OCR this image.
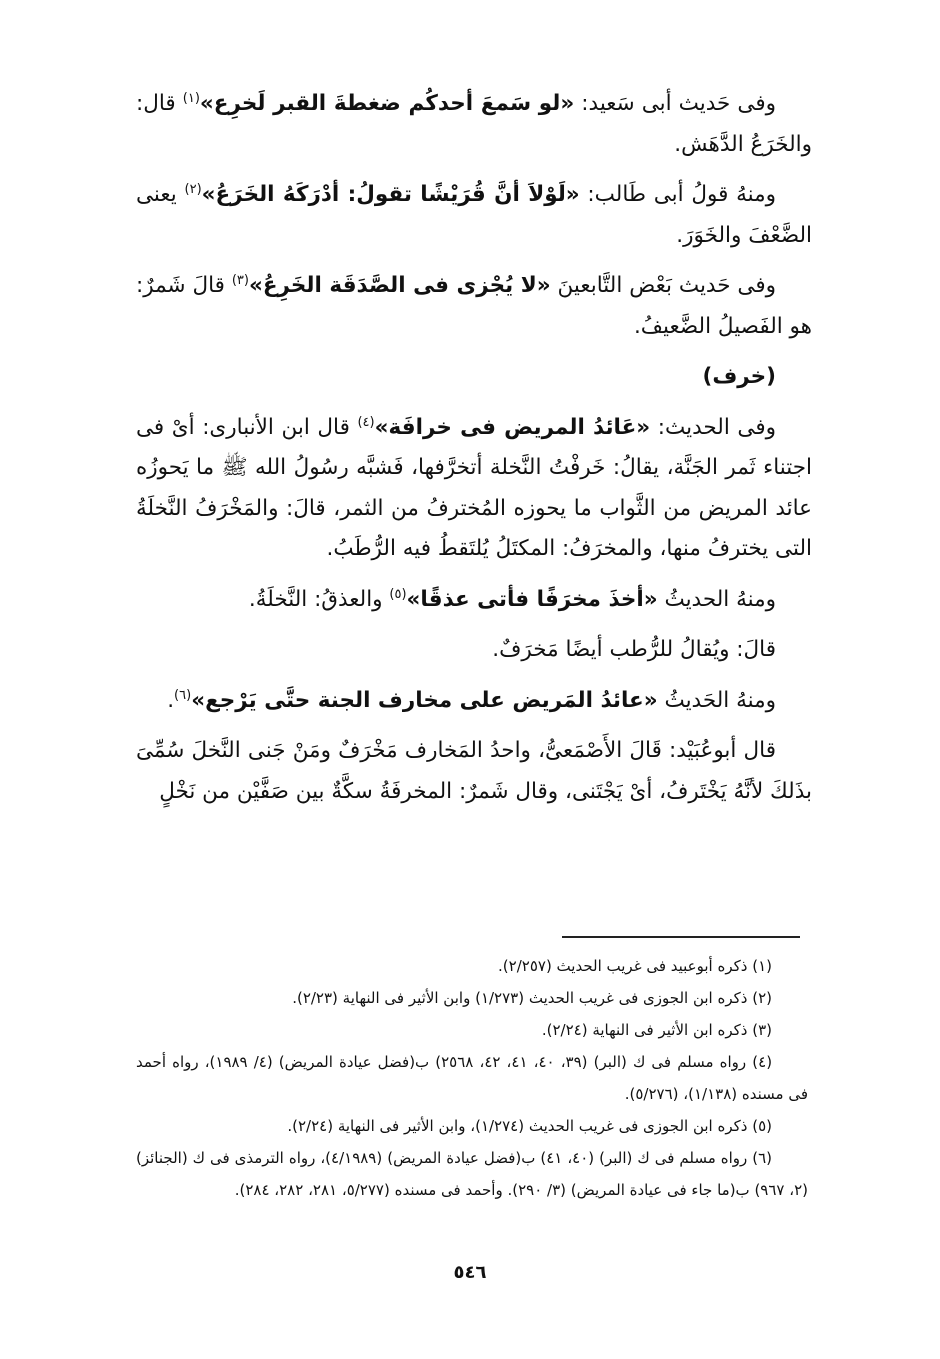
وفى حَديث أبى سَعيد: «لو سَمعَ أحدكُم ضغطةَ القبر لَخرِع»$^{(١)}$ قال: والخَرَعُ الدَّهَش.

ومنهُ قولُ أبى طَالب: «لَوْلاَ أنَّ قُرَيْشًا تقولُ: أدْرَكَهُ الخَرَعُ»$^{(٢)}$ يعنى الضَّعْفَ والخَوَرَ.

وفى حَديث بَعْض التَّابعينَ «لا يُجْزى فى الصَّدَقَة الخَرِعُ»$^{(٣)}$ قالَ شَمرٌ: هو الفَصيلُ الضَّعيفُ.

(خرف)

وفى الحديث: «عَائدُ المريض فى خرافَة»$^{(٤)}$ قال ابن الأنبارى: أىْ فى اجتناء ثَمر الجَنَّة، يقالُ: خَرفْتُ النَّخلة أتخرَّفها، فَشبَّه رسُولُ الله ﷺ ما يَحوزُه عائد المريض من الثَّواب ما يحوزه المُخترفُ من الثمر، قالَ: والمَخْرَفُ النَّخلَةُ التى يخترفُ منها، والمخرَفُ: المكتَلُ يُلتَقطُ فيه الرُّطَبُ.

ومنهُ الحديثُ «أخذَ مخرَفًا فأتى عذقًا»$^{(٥)}$ والعذقُ: النَّخلَةُ.

قالَ: ويُقالُ للرُّطب أيضًا مَخرَفٌ.

ومنهُ الحَديثُ «عائدُ المَريض على مخارف الجنة حتَّى يَرْجع»$^{(٦)}$.

قال أبوعُبَيْد: قَالَ الأَصْمَعىُّ، واحدُ المَخارف مَخْرَفٌ ومَنْ جَنى النَّخلَ سُمِّىَ بذَلكَ لأنَّهُ يَخْتَرفُ، أىْ يَجْتَنى، وقال شَمرٌ: المخرفَةُ سكَّةٌ بين صَفَّيْن من نَخْلٍ

(١) ذكره أبوعبيد فى غريب الحديث (٢/٢٥٧).

(٢) ذكره ابن الجوزى فى غريب الحديث (١/٢٧٣) وابن الأثير فى النهاية (٢/٢٣).

(٣) ذكره ابن الأثير فى النهاية (٢/٢٤).

(٤) رواه مسلم فى ك (البر) (٣٩، ٤٠، ٤١، ٤٢، ٢٥٦٨) ب(فضل عيادة المريض) (٤/ ١٩٨٩)، رواه أحمد فى مسنده (١/١٣٨)، (٥/٢٧٦).

(٥) ذكره ابن الجوزى فى غريب الحديث (١/٢٧٤)، وابن الأثير فى النهاية (٢/٢٤).

(٦) رواه مسلم فى ك (البر) (٤٠، ٤١) ب(فضل عيادة المريض) (٤/١٩٨٩)، رواه الترمذى فى ك (الجنائز) (٢، ٩٦٧) ب(ما جاء فى عيادة المريض) (٣/ ٢٩٠). وأحمد فى مسنده (٥/٢٧٧، ٢٨١، ٢٨٢، ٢٨٤).

٥٤٦
